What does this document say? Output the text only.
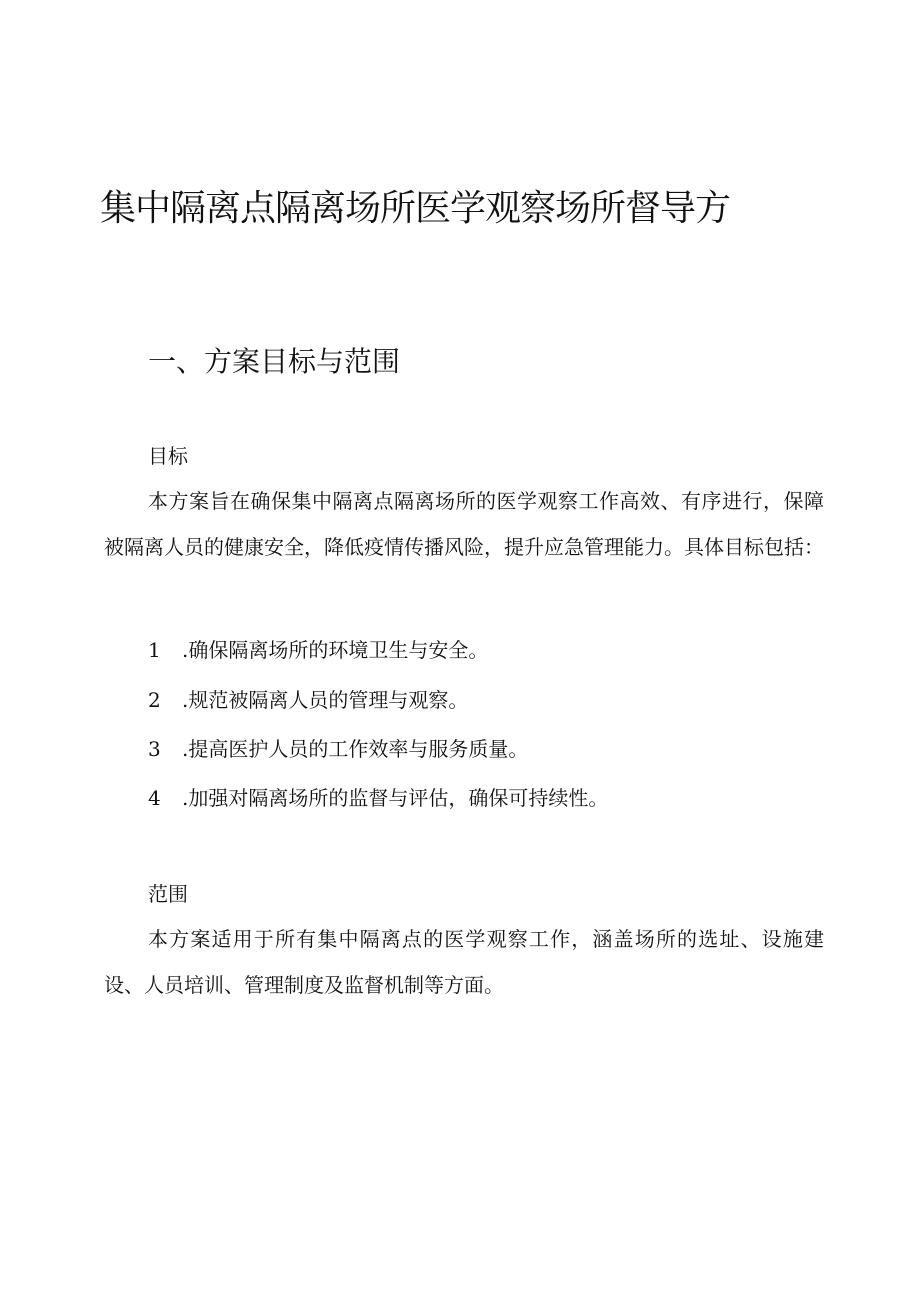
集中隔离点隔离场所医学观察场所督导方
一、方案目标与范围
目标

本方案旨在确保集中隔离点隔离场所的医学观察工作高效、有序进行，保障被隔离人员的健康安全，降低疫情传播风险，提升应急管理能力。具体目标包括：

1 .确保隔离场所的环境卫生与安全。

2 .规范被隔离人员的管理与观察。

3 .提高医护人员的工作效率与服务质量。

4 .加强对隔离场所的监督与评估，确保可持续性。

范围

本方案适用于所有集中隔离点的医学观察工作，涵盖场所的选址、设施建设、人员培训、管理制度及监督机制等方面。
